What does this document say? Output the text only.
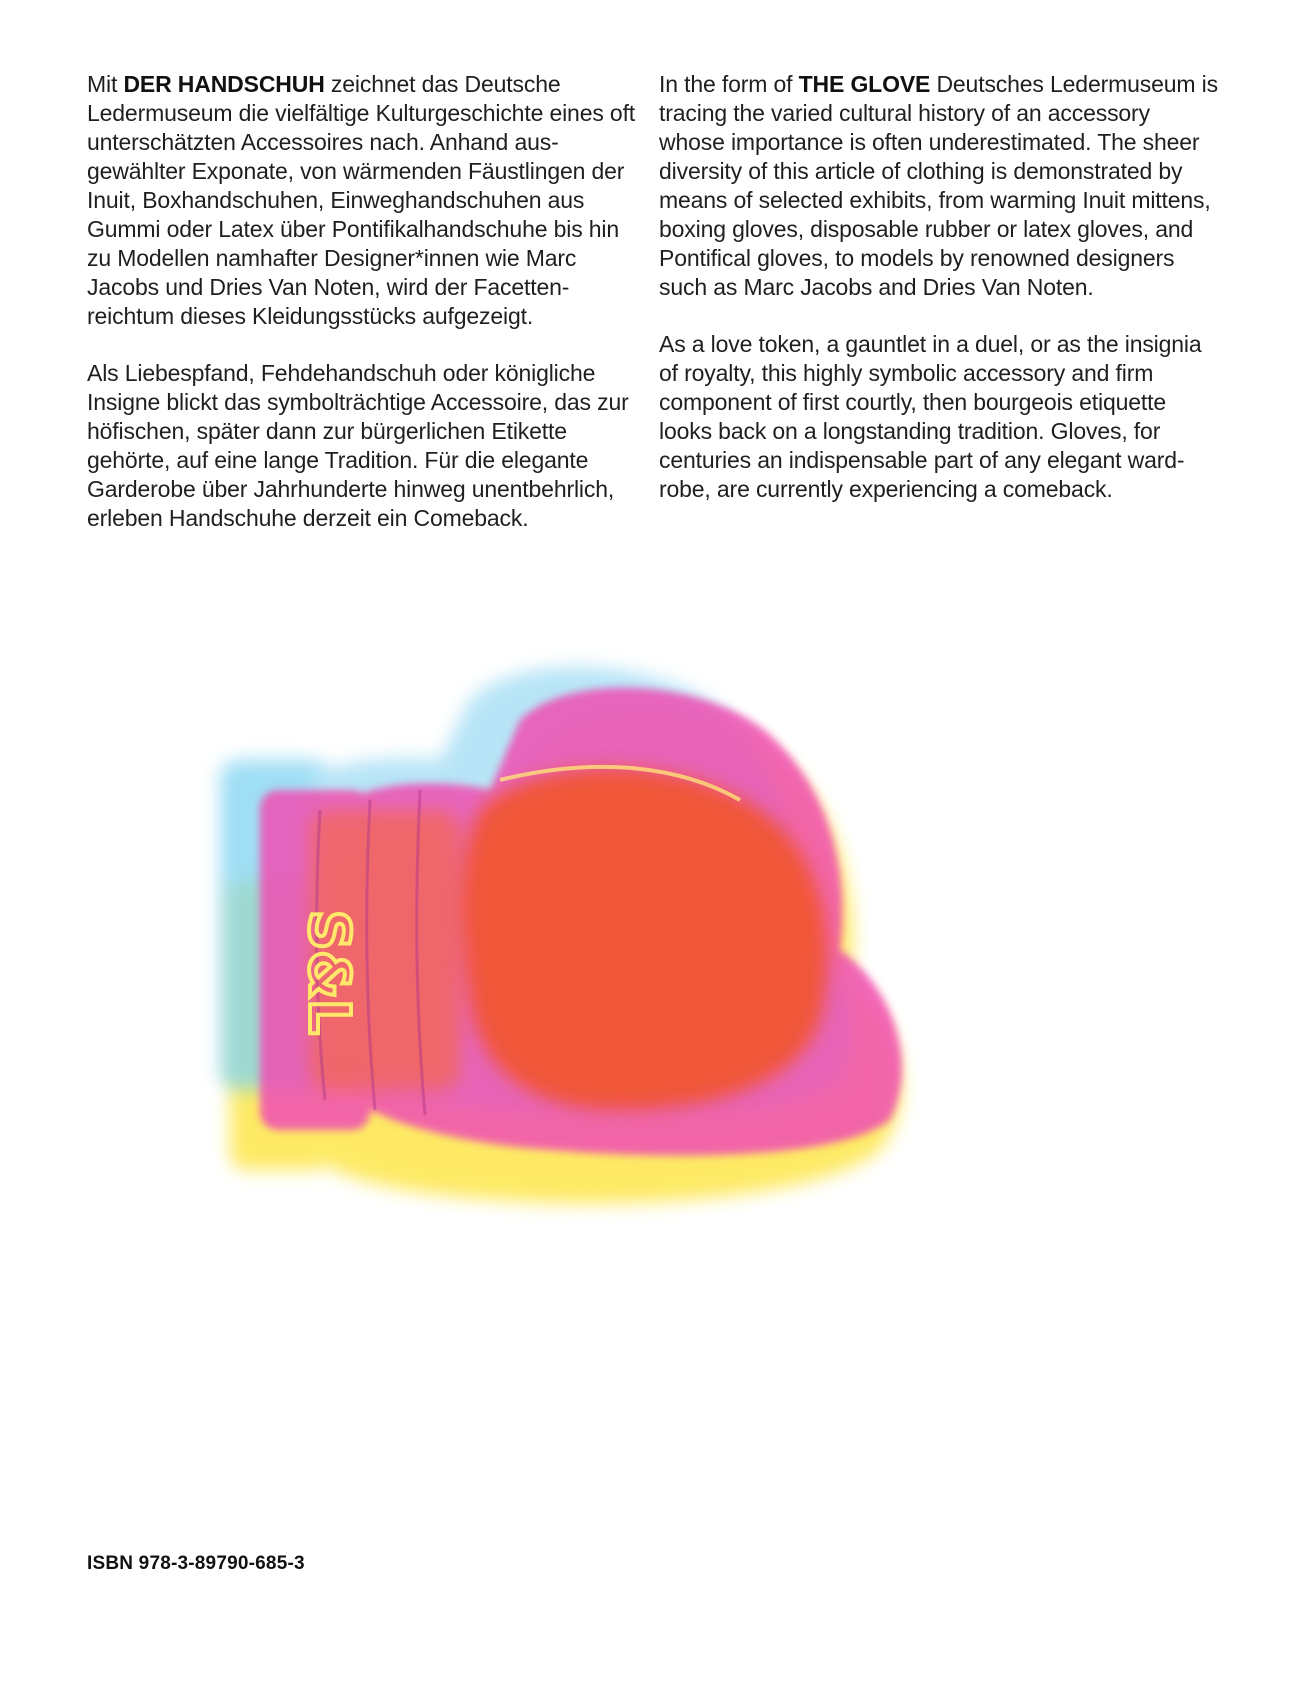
Mit DER HANDSCHUH zeichnet das Deutsche Ledermuseum die vielfältige Kulturgeschichte eines oft unterschätzten Accessoires nach. Anhand aus-gewählter Exponate, von wärmenden Fäustlingen der Inuit, Boxhandschuhen, Einweghandschuhen aus Gummi oder Latex über Pontifikalhandschuhe bis hin zu Modellen namhafter Designer*innen wie Marc Jacobs und Dries Van Noten, wird der Facetten-reichtum dieses Kleidungsstücks aufgezeigt.

Als Liebespfand, Fehdehandschuh oder königliche Insigne blickt das symbolträchtige Accessoire, das zur höfischen, später dann zur bürgerlichen Etikette gehörte, auf eine lange Tradition. Für die elegante Garderobe über Jahrhunderte hinweg unentbehrlich, erleben Handschuhe derzeit ein Comeback.

In the form of THE GLOVE Deutsches Ledermuseum is tracing the varied cultural history of an accessory whose importance is often underestimated. The sheer diversity of this article of clothing is demonstrated by means of selected exhibits, from warming Inuit mittens, boxing gloves, disposable rubber or latex gloves, and Pontifical gloves, to models by renowned designers such as Marc Jacobs and Dries Van Noten.

As a love token, a gauntlet in a duel, or as the insignia of royalty, this highly symbolic accessory and firm component of first courtly, then bourgeois etiquette looks back on a longstanding tradition. Gloves, for centuries an indispensable part of any elegant ward-robe, are currently experiencing a comeback.

S&L
ISBN 978-3-89790-685-3
